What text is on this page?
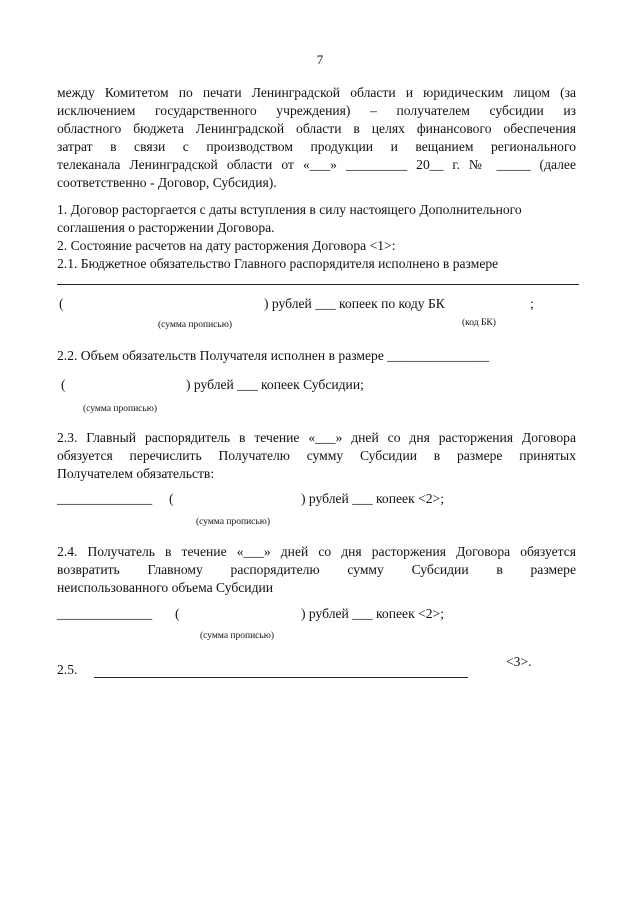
7
между Комитетом по печати Ленинградской области и юридическим лицом (за
исключением государственного учреждения) – получателем субсидии из
областного бюджета Ленинградской области в целях финансового обеспечения
затрат в связи с производством продукции и вещанием регионального
телеканала Ленинградской области от «___» _________ 20__ г. № _____ (далее
соответственно - Договор, Субсидия).
1. Договор расторгается с даты вступления в силу настоящего Дополнительного
соглашения о расторжении Договора.
2. Состояние расчетов на дату расторжения Договора <1>:
2.1. Бюджетное обязательство Главного распорядителя исполнено в размере
(	) рублей ___ копеек по коду БК	;
(сумма прописью)	(код БК)
2.2. Объем обязательств Получателя исполнен в размере _______________
(	) рублей ___ копеек Субсидии;
(сумма прописью)
2.3. Главный распорядитель в течение «___» дней со дня расторжения Договора
обязуется перечислить Получателю сумму Субсидии в размере принятых
Получателем обязательств:
______________ (	) рублей ___ копеек <2>;
(сумма прописью)
2.4. Получатель в течение «___» дней со дня расторжения Договора обязуется
возвратить Главному распорядителю сумму Субсидии в размере
неиспользованного объема Субсидии
______________ (	) рублей ___ копеек <2>;
(сумма прописью)
2.5.
<3>.
